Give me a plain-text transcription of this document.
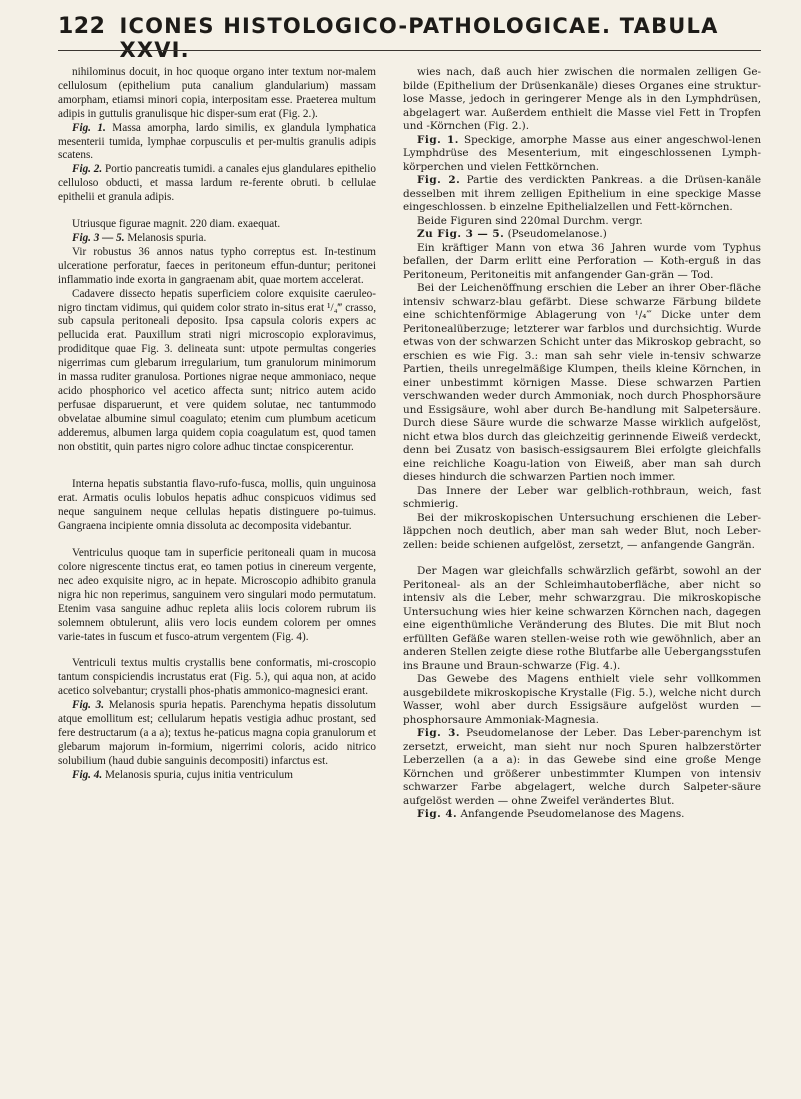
122 ICONES HISTOLOGICO-PATHOLOGICAE. TABULA XXVI.

nihilominus docuit, in hoc quoque organo inter textum nor-malem cellulosum (epithelium puta canalium glandularium) massam amorpham, etiamsi minori copia, interpositam esse. Praeterea multum adipis in guttulis granulisque hic disper-sum erat (Fig. 2.).

Fig. 1. Massa amorpha, lardo similis, ex glandula lymphatica mesenterii tumida, lymphae corpusculis et per-multis granulis adipis scatens.

Fig. 2. Portio pancreatis tumidi. a canales ejus glandulares epithelio celluloso obducti, et massa lardum re-ferente obruti. b cellulae epithelii et granula adipis.

Utriusque figurae magnit. 220 diam. exaequat.

Fig. 3 — 5. Melanosis spuria.

Vir robustus 36 annos natus typho correptus est. In-testinum ulceratione perforatur, faeces in peritoneum effun-duntur; peritonei inflammatio inde exorta in gangraenam abit, quae mortem accelerat.

Cadavere dissecto hepatis superficiem colore exquisite caeruleo-nigro tinctam vidimus, qui quidem color strato in-situs erat ¹/₄‴ crasso, sub capsula peritoneali deposito. Ipsa capsula coloris expers ac pellucida erat. Pauxillum strati nigri microscopio exploravimus, prodiditque quae Fig. 3. delineata sunt: utpote permultas congeries nigerrimas cum glebarum irregularium, tum granulorum minimorum in massa ruditer granulosa. Portiones nigrae neque ammoniaco, neque acido phosphorico vel acetico affecta sunt; nitrico autem acido perfusae disparuerunt, et vere quidem solutae, nec tantummodo obvelatae albumine simul coagulato; etenim cum plumbum aceticum adderemus, albumen larga quidem copia coagulatum est, quod tamen non obstitit, quin partes nigro colore adhuc tinctae conspicerentur.

Interna hepatis substantia flavo-rufo-fusca, mollis, quin unguinosa erat. Armatis oculis lobulos hepatis adhuc conspicuos vidimus sed neque sanguinem neque cellulas hepatis distinguere po-tuimus. Gangraena incipiente omnia dissoluta ac decomposita videbantur.

Ventriculus quoque tam in superficie peritoneali quam in mucosa colore nigrescente tinctus erat, eo tamen potius in cinereum vergente, nec adeo exquisite nigro, ac in hepate. Microscopio adhibito granula nigra hic non reperimus, sanguinem vero singulari modo permutatum. Etenim vasa sanguine adhuc repleta aliis locis colorem rubrum iis solemnem obtulerunt, aliis vero locis eundem colorem per omnes varie-tates in fuscum et fusco-atrum vergentem (Fig. 4).

Ventriculi textus multis crystallis bene conformatis, mi-croscopio tantum conspiciendis incrustatus erat (Fig. 5.), qui aqua non, at acido acetico solvebantur; crystalli phos-phatis ammonico-magnesici erant.

Fig. 3. Melanosis spuria hepatis. Parenchyma hepatis dissolutum atque emollitum est; cellularum hepatis vestigia adhuc prostant, sed fere destructarum (a a a); textus he-paticus magna copia granulorum et glebarum majorum in-formium, nigerrimi coloris, acido nitrico solubilium (haud dubie sanguinis decompositi) infarctus est.

Fig. 4. Melanosis spuria, cujus initia ventriculum

wies nach, daß auch hier zwischen die normalen zelligen Ge-bilde (Epithelium der Drüsenkanäle) dieses Organes eine struktur-lose Masse, jedoch in geringerer Menge als in den Lymphdrüsen, abgelagert war. Außerdem enthielt die Masse viel Fett in Tropfen und -Körnchen (Fig. 2.).

Fig. 1. Speckige, amorphe Masse aus einer angeschwol-lenen Lymphdrüse des Mesenterium, mit eingeschlossenen Lymph-körperchen und vielen Fettkörnchen.

Fig. 2. Partie des verdickten Pankreas. a die Drüsen-kanäle desselben mit ihrem zelligen Epithelium in eine speckige Masse eingeschlossen. b einzelne Epithelialzellen und Fett-körnchen.

Beide Figuren sind 220mal Durchm. vergr.

Zu Fig. 3 — 5. (Pseudomelanose.)

Ein kräftiger Mann von etwa 36 Jahren wurde vom Typhus befallen, der Darm erlitt eine Perforation — Koth-erguß in das Peritoneum, Peritoneitis mit anfangender Gan-grän — Tod.

Bei der Leichenöffnung erschien die Leber an ihrer Ober-fläche intensiv schwarz-blau gefärbt. Diese schwarze Färbung bildete eine schichtenförmige Ablagerung von ¹/₄‴ Dicke unter dem Peritonealüberzuge; letzterer war farblos und durchsichtig. Wurde etwas von der schwarzen Schicht unter das Mikroskop gebracht, so erschien es wie Fig. 3.: man sah sehr viele in-tensiv schwarze Partien, theils unregelmäßige Klumpen, theils kleine Körnchen, in einer unbestimmt körnigen Masse. Diese schwarzen Partien verschwanden weder durch Ammoniak, noch durch Phosphorsäure und Essigsäure, wohl aber durch Be-handlung mit Salpetersäure. Durch diese Säure wurde die schwarze Masse wirklich aufgelöst, nicht etwa blos durch das gleichzeitig gerinnende Eiweiß verdeckt, denn bei Zusatz von basisch-essigsaurem Blei erfolgte gleichfalls eine reichliche Koagu-lation von Eiweiß, aber man sah durch dieses hindurch die schwarzen Partien noch immer.

Das Innere der Leber war gelblich-rothbraun, weich, fast schmierig.

Bei der mikroskopischen Untersuchung erschienen die Leber-läppchen noch deutlich, aber man sah weder Blut, noch Leber-zellen: beide schienen aufgelöst, zersetzt, — anfangende Gangrän.

Der Magen war gleichfalls schwärzlich gefärbt, sowohl an der Peritoneal- als an der Schleimhautoberfläche, aber nicht so intensiv als die Leber, mehr schwarzgrau. Die mikroskopische Untersuchung wies hier keine schwarzen Körnchen nach, dagegen eine eigenthümliche Veränderung des Blutes. Die mit Blut noch erfüllten Gefäße waren stellen-weise roth wie gewöhnlich, aber an anderen Stellen zeigte diese rothe Blutfarbe alle Uebergangsstufen ins Braune und Braun-schwarze (Fig. 4.).

Das Gewebe des Magens enthielt viele sehr vollkommen ausgebildete mikroskopische Krystalle (Fig. 5.), welche nicht durch Wasser, wohl aber durch Essigsäure aufgelöst wurden — phosphorsaure Ammoniak-Magnesia.

Fig. 3. Pseudomelanose der Leber. Das Leber-parenchym ist zersetzt, erweicht, man sieht nur noch Spuren halbzerstörter Leberzellen (a a a): in das Gewebe sind eine große Menge Körnchen und größerer unbestimmter Klumpen von intensiv schwarzer Farbe abgelagert, welche durch Salpeter-säure aufgelöst werden — ohne Zweifel verändertes Blut.

Fig. 4. Anfangende Pseudomelanose des Magens.
